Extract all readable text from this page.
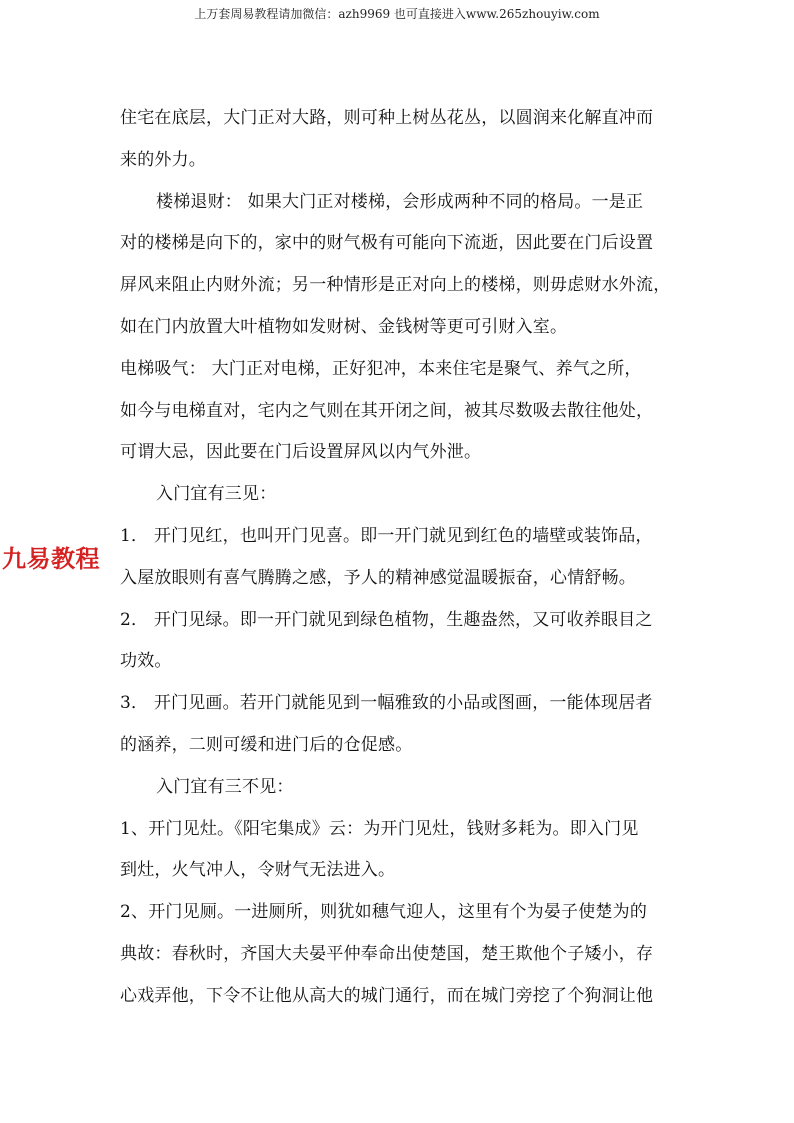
上万套周易教程请加微信：azh9969 也可直接进入www.265zhouyiw.com
九易教程
住宅在底层，大门正对大路，则可种上树丛花丛，以圆润来化解直冲而
来的外力。
楼梯退财： 如果大门正对楼梯，会形成两种不同的格局。一是正
对的楼梯是向下的，家中的财气极有可能向下流逝，因此要在门后设置
屏风来阻止内财外流；另一种情形是正对向上的楼梯，则毋虑财水外流，
如在门内放置大叶植物如发财树、金钱树等更可引财入室。
电梯吸气： 大门正对电梯，正好犯冲，本来住宅是聚气、养气之所，
如今与电梯直对，宅内之气则在其开闭之间，被其尽数吸去散往他处，
可谓大忌，因此要在门后设置屏风以内气外泄。
入门宜有三见：
1． 开门见红，也叫开门见喜。即一开门就见到红色的墙壁或装饰品，
入屋放眼则有喜气腾腾之感，予人的精神感觉温暖振奋，心情舒畅。
2． 开门见绿。即一开门就见到绿色植物，生趣盎然，又可收养眼目之
功效。
3． 开门见画。若开门就能见到一幅雅致的小品或图画，一能体现居者
的涵养，二则可缓和进门后的仓促感。
入门宜有三不见：
1、开门见灶。《阳宅集成》云：为开门见灶，钱财多耗为。即入门见
到灶，火气冲人，令财气无法进入。
2、开门见厕。一进厕所，则犹如穗气迎人，这里有个为晏子使楚为的
典故：春秋时，齐国大夫晏平仲奉命出使楚国，楚王欺他个子矮小，存
心戏弄他，下令不让他从高大的城门通行，而在城门旁挖了个狗洞让他
